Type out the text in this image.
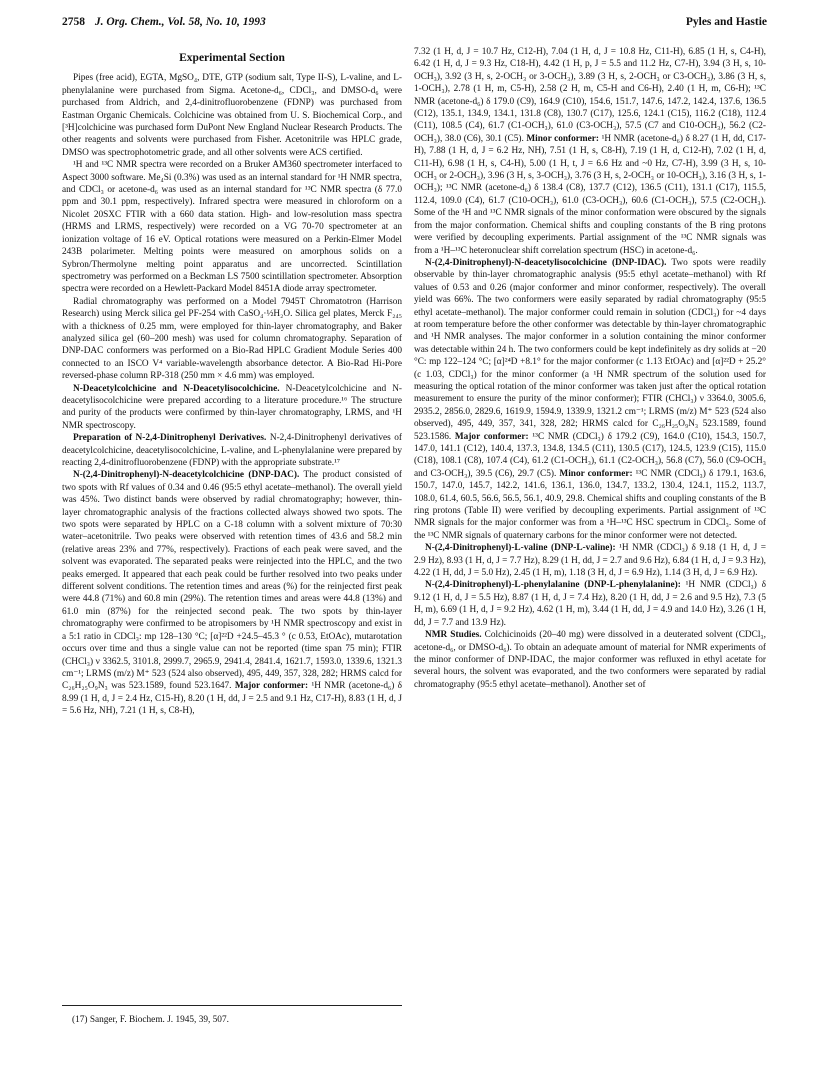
2758 J. Org. Chem., Vol. 58, No. 10, 1993	Pyles and Hastie
Experimental Section

Pipes (free acid), EGTA, MgSO₄, DTE, GTP (sodium salt, Type II-S), L-valine, and L-phenylalanine were purchased from Sigma. Acetone-d₆, CDCl₃, and DMSO-d₆ were purchased from Aldrich, and 2,4-dinitrofluorobenzene (FDNP) was purchased from Eastman Organic Chemicals. Colchicine was obtained from U. S. Biochemical Corp., and [³H]colchicine was purchased form DuPont New England Nuclear Research Products. The other reagents and solvents were purchased from Fisher. Acetonitrile was HPLC grade, DMSO was spectrophotometric grade, and all other solvents were ACS certified.

¹H and ¹³C NMR spectra were recorded on a Bruker AM360 spectrometer interfaced to Aspect 3000 software. Me₄Si (0.3%) was used as an internal standard for ¹H NMR spectra, and CDCl₃ or acetone-d₆ was used as an internal standard for ¹³C NMR spectra (δ 77.0 ppm and 30.1 ppm, respectively). Infrared spectra were measured in chloroform on a Nicolet 20SXC FTIR with a 660 data station. High- and low-resolution mass spectra (HRMS and LRMS, respectively) were recorded on a VG 70-70 spectrometer at an ionization voltage of 16 eV. Optical rotations were measured on a Perkin-Elmer Model 243B polarimeter. Melting points were measured on amorphous solids on a Sybron/Thermolyne melting point apparatus and are uncorrected. Scintillation spectrometry was performed on a Beckman LS 7500 scintillation spectrometer. Absorption spectra were recorded on a Hewlett-Packard Model 8451A diode array spectrometer.

Radial chromatography was performed on a Model 7945T Chromatotron (Harrison Research) using Merck silica gel PF-254 with CaSO₄·½H₂O. Silica gel plates, Merck F₂₄₅ with a thickness of 0.25 mm, were employed for thin-layer chromatography, and Baker analyzed silica gel (60–200 mesh) was used for column chromatography. Separation of DNP-DAC conformers was performed on a Bio-Rad HPLC Gradient Module Series 400 connected to an ISCO V⁴ variable-wavelength absorbance detector. A Bio-Rad Hi-Pore reversed-phase column RP-318 (250 mm × 4.6 mm) was employed.

N-Deacetylcolchicine and N-Deacetylisocolchicine. N-Deacetylcolchicine and N-deacetylisocolchicine were prepared according to a literature procedure.¹⁶ The structure and purity of the products were confirmed by thin-layer chromatography, LRMS, and ¹H NMR spectroscopy.

Preparation of N-2,4-Dinitrophenyl Derivatives. N-2,4-Dinitrophenyl derivatives of deacetylcolchicine, deacetylisocolchicine, L-valine, and L-phenylalanine were prepared by reacting 2,4-dinitrofluorobenzene (FDNP) with the appropriate substrate.¹⁷

N-(2,4-Dinitrophenyl)-N-deacetylcolchicine (DNP-DAC). The product consisted of two spots with Rf values of 0.34 and 0.46 (95:5 ethyl acetate–methanol). The overall yield was 45%. Two distinct bands were observed by radial chromatography; however, thin-layer chromatographic analysis of the fractions collected always showed two spots. The two spots were separated by HPLC on a C-18 column with a solvent mixture of 70:30 water–acetonitrile. Two peaks were observed with retention times of 43.6 and 58.2 min (relative areas 23% and 77%, respectively). Fractions of each peak were saved, and the solvent was evaporated. The separated peaks were reinjected into the HPLC, and the two peaks emerged. It appeared that each peak could be further resolved into two peaks under different solvent conditions. The retention times and areas (%) for the reinjected first peak were 44.8 (71%) and 60.8 min (29%). The retention times and areas were 44.8 (13%) and 61.0 min (87%) for the reinjected second peak. The two spots by thin-layer chromatography were confirmed to be atropisomers by ¹H NMR spectroscopy and exist in a 5:1 ratio in CDCl₃: mp 128–130 °C; [α]²²D +24.5–45.3 ° (c 0.53, EtOAc), mutarotation occurs over time and thus a single value can not be reported (time span 75 min); FTIR (CHCl₃) ν 3362.5, 3101.8, 2999.7, 2965.9, 2941.4, 2841.4, 1621.7, 1593.0, 1339.6, 1321.3 cm⁻¹; LRMS (m/z) M⁺ 523 (524 also observed), 495, 449, 357, 328, 282; HRMS calcd for C₂₆H₂₅O₉N₃ was 523.1589, found 523.1647. Major conformer: ¹H NMR (acetone-d₆) δ 8.99 (1 H, d, J = 2.4 Hz, C15-H), 8.20 (1 H, dd, J = 2.5 and 9.1 Hz, C17-H), 8.83 (1 H, d, J = 5.6 Hz, NH), 7.21 (1 H, s, C8-H),

(17) Sanger, F. Biochem. J. 1945, 39, 507.

7.32 (1 H, d, J = 10.7 Hz, C12-H), 7.04 (1 H, d, J = 10.8 Hz, C11-H), 6.85 (1 H, s, C4-H), 6.42 (1 H, d, J = 9.3 Hz, C18-H), 4.42 (1 H, p, J = 5.5 and 11.2 Hz, C7-H), 3.94 (3 H, s, 10-OCH₃), 3.92 (3 H, s, 2-OCH₃ or 3-OCH₃), 3.89 (3 H, s, 2-OCH₃ or C3-OCH₃), 3.86 (3 H, s, 1-OCH₃), 2.78 (1 H, m, C5-H), 2.58 (2 H, m, C5-H and C6-H), 2.40 (1 H, m, C6-H); ¹³C NMR (acetone-d₆) δ 179.0 (C9), 164.9 (C10), 154.6, 151.7, 147.6, 147.2, 142.4, 137.6, 136.5 (C12), 135.1, 134.9, 134.1, 131.8 (C8), 130.7 (C17), 125.6, 124.1 (C15), 116.2 (C18), 112.4 (C11), 108.5 (C4), 61.7 (C1-OCH₃), 61.0 (C3-OCH₃), 57.5 (C7 and C10-OCH₃), 56.2 (C2-OCH₃), 38.0 (C6), 30.1 (C5). Minor conformer: ¹H NMR (acetone-d₆) δ 8.27 (1 H, dd, C17-H), 7.88 (1 H, d, J = 6.2 Hz, NH), 7.51 (1 H, s, C8-H), 7.19 (1 H, d, C12-H), 7.02 (1 H, d, C11-H), 6.98 (1 H, s, C4-H), 5.00 (1 H, t, J = 6.6 Hz and ~0 Hz, C7-H), 3.99 (3 H, s, 10-OCH₃ or 2-OCH₃), 3.96 (3 H, s, 3-OCH₃), 3.76 (3 H, s, 2-OCH₃ or 10-OCH₃), 3.16 (3 H, s, 1-OCH₃); ¹³C NMR (acetone-d₆) δ 138.4 (C8), 137.7 (C12), 136.5 (C11), 131.1 (C17), 115.5, 112.4, 109.0 (C4), 61.7 (C10-OCH₃), 61.0 (C3-OCH₃), 60.6 (C1-OCH₃), 57.5 (C2-OCH₃). Some of the ¹H and ¹³C NMR signals of the minor conformation were obscured by the signals from the major conformation. Chemical shifts and coupling constants of the B ring protons were verified by decoupling experiments. Partial assignment of the ¹³C NMR signals was from a ¹H–¹³C heteronuclear shift correlation spectrum (HSC) in acetone-d₆.

N-(2,4-Dinitrophenyl)-N-deacetylisocolchicine (DNP-IDAC). Two spots were readily observable by thin-layer chromatographic analysis (95:5 ethyl acetate–methanol) with Rf values of 0.53 and 0.26 (major conformer and minor conformer, respectively). The overall yield was 66%. The two conformers were easily separated by radial chromatography (95:5 ethyl acetate–methanol). The major conformer could remain in solution (CDCl₃) for ~4 days at room temperature before the other conformer was detectable by thin-layer chromatographic and ¹H NMR analyses. The major conformer in a solution containing the minor conformer was detectable within 24 h. The two conformers could be kept indefinitely as dry solids at −20 °C: mp 122–124 °C; [α]²⁴D +8.1° for the major conformer (c 1.13 EtOAc) and [α]²²D + 25.2° (c 1.03, CDCl₃) for the minor conformer (a ¹H NMR spectrum of the solution used for measuring the optical rotation of the minor conformer was taken just after the optical rotation measurement to ensure the purity of the minor conformer); FTIR (CHCl₃) ν 3364.0, 3005.6, 2935.2, 2856.0, 2829.6, 1619.9, 1594.9, 1339.9, 1321.2 cm⁻¹; LRMS (m/z) M⁺ 523 (524 also observed), 495, 449, 357, 341, 328, 282; HRMS calcd for C₂₆H₂₅O₉N₃ 523.1589, found 523.1586. Major conformer: ¹³C NMR (CDCl₃) δ 179.2 (C9), 164.0 (C10), 154.3, 150.7, 147.0, 141.1 (C12), 140.4, 137.3, 134.8, 134.5 (C11), 130.5 (C17), 124.5, 123.9 (C15), 115.0 (C18), 108.1 (C8), 107.4 (C4), 61.2 (C1-OCH₃), 61.1 (C2-OCH₃), 56.8 (C7), 56.0 (C9-OCH₃ and C3-OCH₃), 39.5 (C6), 29.7 (C5). Minor conformer: ¹³C NMR (CDCl₃) δ 179.1, 163.6, 150.7, 147.0, 145.7, 142.2, 141.6, 136.1, 136.0, 134.7, 133.2, 130.4, 124.1, 115.2, 113.7, 108.0, 61.4, 60.5, 56.6, 56.5, 56.1, 40.9, 29.8. Chemical shifts and coupling constants of the B ring protons (Table II) were verified by decoupling experiments. Partial assignment of ¹³C NMR signals for the major conformer was from a ¹H–¹³C HSC spectrum in CDCl₃. Some of the ¹³C NMR signals of quaternary carbons for the minor conformer were not detected.

N-(2,4-Dinitrophenyl)-L-valine (DNP-L-valine): ¹H NMR (CDCl₃) δ 9.18 (1 H, d, J = 2.9 Hz), 8.93 (1 H, d, J = 7.7 Hz), 8.29 (1 H, dd, J = 2.7 and 9.6 Hz), 6.84 (1 H, d, J = 9.3 Hz), 4.22 (1 H, dd, J = 5.0 Hz), 2.45 (1 H, m), 1.18 (3 H, d, J = 6.9 Hz), 1.14 (3 H, d, J = 6.9 Hz).

N-(2,4-Dinitrophenyl)-L-phenylalanine (DNP-L-phenylalanine): ¹H NMR (CDCl₃) δ 9.12 (1 H, d, J = 5.5 Hz), 8.87 (1 H, d, J = 7.4 Hz), 8.20 (1 H, dd, J = 2.6 and 9.5 Hz), 7.3 (5 H, m), 6.69 (1 H, d, J = 9.2 Hz), 4.62 (1 H, m), 3.44 (1 H, dd, J = 4.9 and 14.0 Hz), 3.26 (1 H, dd, J = 7.7 and 13.9 Hz).

NMR Studies. Colchicinoids (20–40 mg) were dissolved in a deuterated solvent (CDCl₃, acetone-d₆, or DMSO-d₆). To obtain an adequate amount of material for NMR experiments of the minor conformer of DNP-IDAC, the major conformer was refluxed in ethyl acetate for several hours, the solvent was evaporated, and the two conformers were separated by radial chromatography (95:5 ethyl acetate–methanol). Another set of
